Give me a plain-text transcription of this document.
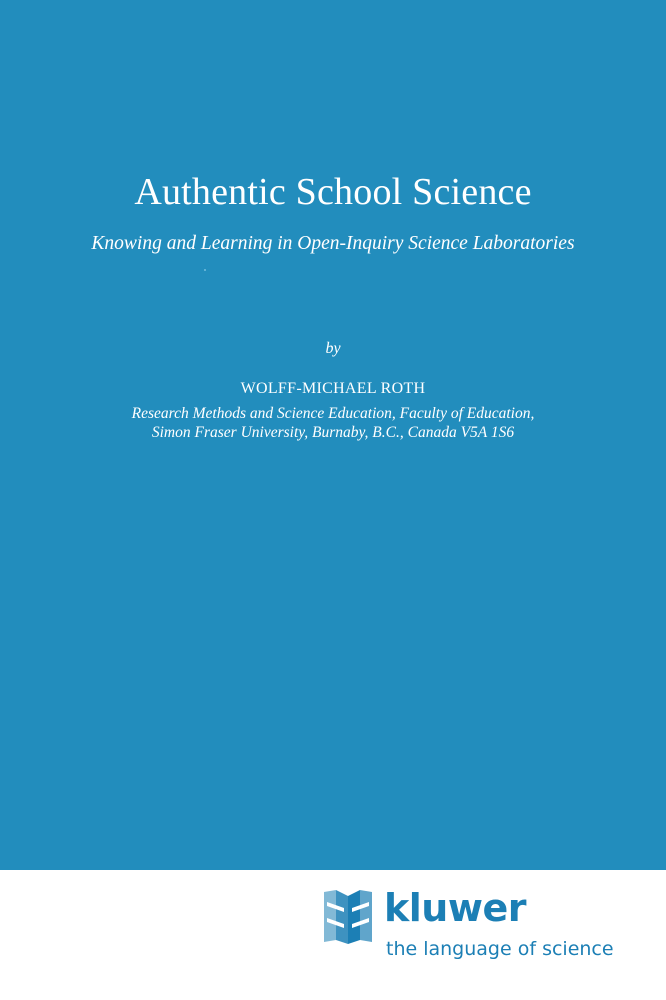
Authentic School Science
Knowing and Learning in Open-Inquiry Science Laboratories
by
WOLFF-MICHAEL ROTH
Research Methods and Science Education, Faculty of Education,
Simon Fraser University, Burnaby, B.C., Canada V5A 1S6
kluwer
the language of science
